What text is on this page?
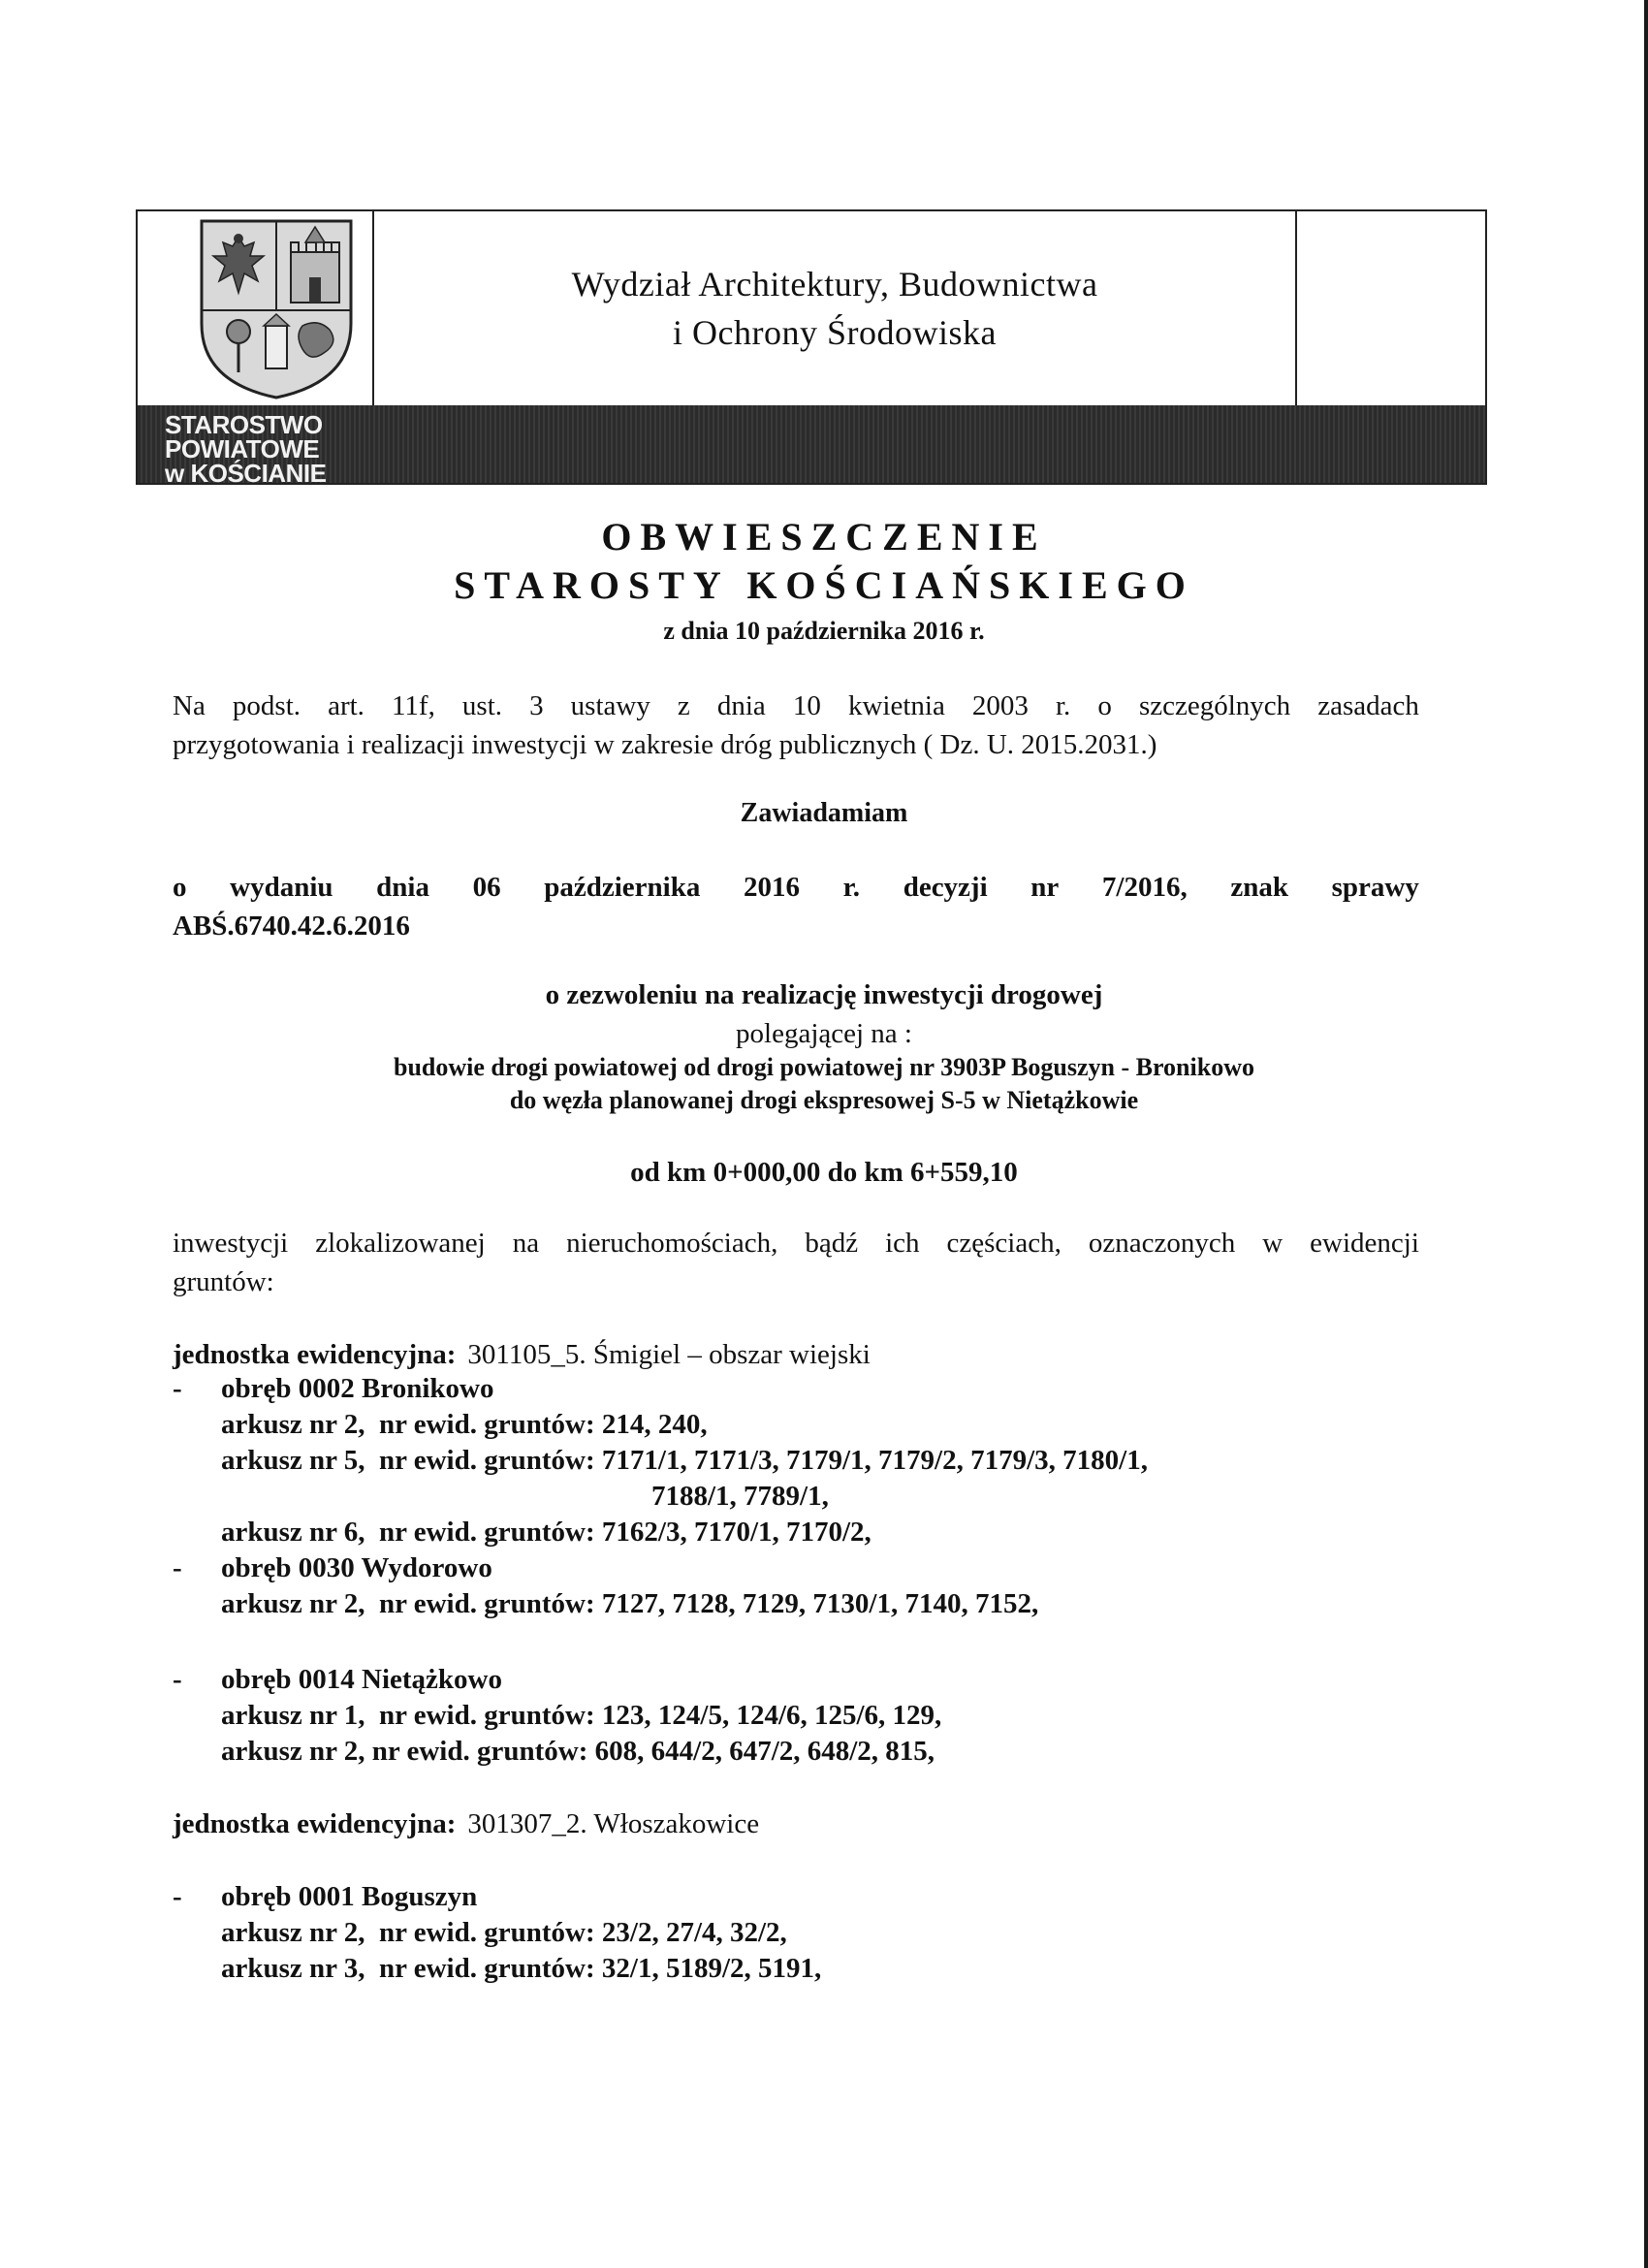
Wydział Architektury, Budownictwa
i Ochrony Środowiska
STAROSTWO
POWIATOWE
w KOŚCIANIE
OBWIESZCZENIE
STAROSTY KOŚCIAŃSKIEGO
z dnia 10 października 2016 r.
Na podst. art. 11f, ust. 3 ustawy z dnia 10 kwietnia 2003 r. o szczególnych zasadach
przygotowania i realizacji inwestycji w zakresie dróg publicznych ( Dz. U. 2015.2031.)
Zawiadamiam
o wydaniu dnia 06 października 2016 r. decyzji nr 7/2016, znak sprawy
ABŚ.6740.42.6.2016
o zezwoleniu na realizację inwestycji drogowej
polegającej na :
budowie drogi powiatowej od drogi powiatowej nr 3903P Boguszyn - Bronikowo
do węzła planowanej drogi ekspresowej S-5 w Nietążkowie
od km 0+000,00 do km 6+559,10
inwestycji zlokalizowanej na nieruchomościach, bądź ich częściach, oznaczonych w ewidencji
gruntów:
jednostka ewidencyjna: 301105_5. Śmigiel – obszar wiejski
- obręb 0002 Bronikowo
arkusz nr 2, nr ewid. gruntów: 214, 240,
arkusz nr 5, nr ewid. gruntów: 7171/1, 7171/3, 7179/1, 7179/2, 7179/3, 7180/1,
7188/1, 7789/1,
arkusz nr 6, nr ewid. gruntów: 7162/3, 7170/1, 7170/2,
- obręb 0030 Wydorowo
arkusz nr 2, nr ewid. gruntów: 7127, 7128, 7129, 7130/1, 7140, 7152,
- obręb 0014 Nietążkowo
arkusz nr 1, nr ewid. gruntów: 123, 124/5, 124/6, 125/6, 129,
arkusz nr 2, nr ewid. gruntów: 608, 644/2, 647/2, 648/2, 815,
jednostka ewidencyjna: 301307_2. Włoszakowice
- obręb 0001 Boguszyn
arkusz nr 2, nr ewid. gruntów: 23/2, 27/4, 32/2,
arkusz nr 3, nr ewid. gruntów: 32/1, 5189/2, 5191,
